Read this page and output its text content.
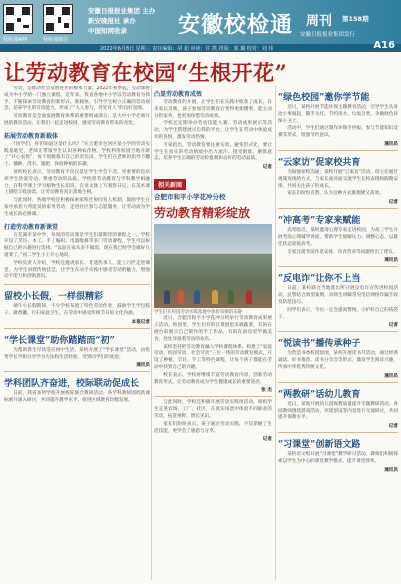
校检通APP	校检通微信
安徽日报报业集团 主办
新安晚报社 承办
中国知网收录	安徽校检通 周刊 第158期
安徽日报报业集团发行
2022年6月8日 星期三 责任编辑：胡 茹 审读：许 凯 排版：郭 璐 校对：刘 伟	A16
让劳动教育在校园“生根开花”

劳动，是推动社会发展进步的根本力量。2022年秋季起，劳动课将成为中小学的一门独立课程。近年来，我省各地中小学以劳动教育为抓手，不断探索劳动教育的新形式、新载体，引导学生树立正确的劳动观念，培养学生的劳动能力，形成了“人人参与、处处育人”的良好氛围。

劳动教育是全面发展教育体系的重要组成部分，是大中小学必须开展的教育活动。让我们一起走进校园，感受劳动教育带来的改变。

拓展劳动教育新载体

“同学们，你们知道这是什么吗？”在合肥市包河区某小学的劳动实践基地里，老师正带领学生认识各种农作物。学校利用校园空地开辟了“开心农场”，每个班级都有自己的责任田，学生们在老师的指导下翻土、播种、浇水、施肥，体验种植的乐趣。

该校校长表示，劳动教育不仅仅是让学生学会干活，更重要的是培养学生热爱劳动、尊重劳动的品质。学校将劳动教育与学科教学相融合，在科学课上学习植物生长知识，在语文课上写观察日记，在美术课上描绘丰收场景，让劳动教育真正落地生根。

与此同时，各地学校还积极探索家校社协同育人机制，鼓励学生在家中承担力所能及的家务劳动，走进社区参与志愿服务，让劳动成为学生成长的必修课。

打造劳动教育新课堂

在芜湖市某中学，每周的劳动课是学生们最期待的课程之一。学校开设了烹饪、木工、手工编织、电器维修等多门劳动课程，学生可以根据自己的兴趣进行选择。“以前在家从来不做饭，现在我已经学会做好几道菜了。”初二学生小王开心地说。

学校负责人介绍，学校还邀请家长、非遗传承人、能工巧匠走进课堂，为学生讲授传统技艺，让学生在动手实践中感受劳动的魅力，增强动手能力和创新意识。

留校小长假，一样很精彩

端午小长假期间，不少学校布置了特色劳动作业，鼓励学生学包粽子、做香囊、打扫家庭卫生，在劳动中感受传统节日的文化内涵。

本报记者
“学长课堂”助你踏踏而“初”

为帮助新生尽快适应初中生活，某校开展了“学长课堂”活动，由优秀学长学姐分享学习方法和生活经验，受到同学们的欢迎。

通讯员
学科团队齐奋进，校际联动促成长

日前，我省多所学校开展校际联合教研活动，各学科教师围绕新课标展开深入研讨，共同提升教学水平，促进区域教育均衡发展。

凸显劳动教育成效

劳动教育的开展，让学生们在实践中收获了成长。许多家长反映，孩子参加劳动教育后变得更加懂事，能主动分担家务，也更加珍惜劳动成果。

学校还定期举办劳动技能大赛、劳动成果展示等活动，为学生搭建展示自我的平台，让学生在劳动中体验成功的喜悦，激发劳动热情。

专家指出，劳动教育要注重实效，避免形式化，要让学生在真实的劳动情境中出力流汗，接受锻炼、磨炼意志，培养学生正确的劳动价值观和良好的劳动品质。

记者
相关新闻
合肥市和平小学花冲分校
劳动教育精彩绽放
学生们在校园劳动实践基地中体验采摘的乐趣

近日，合肥市和平小学花冲分校举行劳动教育成果展示活动。校园里，学生们有的在菜园里采摘蔬菜，有的在展台前展示自己制作的手工作品，有的在厨房里学做美食，处处洋溢着劳动的欢乐。

该校坚持把劳动教育融入学校课程体系，构建了“家庭劳动、校园劳动、社会劳动”三位一体的劳动教育模式，开设了种植、烹饪、手工等特色课程，让每个孩子都能在劳动中找到自己的兴趣。

校长表示，学校将继续丰富劳动教育内容，创新劳动教育形式，让劳动教育成为学生健康成长的重要途径。

张 杰

与此同时，学校还积极开展劳动实践周活动，组织学生走进农场、工厂、社区，在真实场景中体验不同职业的劳动，拓宽视野、增长见识。

家长们纷纷表示，孩子通过劳动实践，不仅掌握了生活技能，更学会了感恩与分享。

记者
“绿色校园”邀你学节能

近日，某校开展节能环保主题教育活动，引导学生从身边小事做起，随手关灯、节约用水、垃圾分类，争做绿色环保小卫士。

活动中，学生们通过制作环保手抄报、参与节能知识竞赛等形式，增强节约意识。

通讯员
“云家访”促家校共育

为加强家校沟通，某校开展“云家访”活动，班主任通过视频连线的方式，与家长面对面交流学生在校表现和假期安排，共同关注孩子的成长。

家长们纷纷点赞，认为这种方式既便捷又高效。

记者
“冲高考”专家来赋能

高考临近，某校邀请心理专家走进校园，为高三学生开展考前心理辅导讲座，帮助学生缓解压力、调整心态，以最佳状态迎接高考。

专家还就考前作息安排、饮食营养等问题给出了建议。

通讯员
“反电诈”让你不上当

日前，某校联合当地派出所开展反电诈宣传进校园活动，民警结合典型案例，向师生讲解常见电信网络诈骗手段及防范技巧。

同学们表示，今后一定会提高警惕，守护好自己的钱袋子。

记者
“悦读书”播传承种子

为营造书香校园氛围，某校开展读书月活动，通过经典诵读、好书推荐、读书分享会等形式，激发学生阅读兴趣，传承中华优秀传统文化。

通讯员
“两教研”话幼儿教育

近日，某地开展幼儿园保教质量提升专题教研活动，各园教师围绕游戏活动、环境创设等内容进行交流研讨，共同提升保教水平。

记者
“习课堂”创新语文路

某校语文组开展“习课堂”教学研讨活动，教师们积极探索以学生为中心的课堂教学模式，提升课堂效率。

通讯员
